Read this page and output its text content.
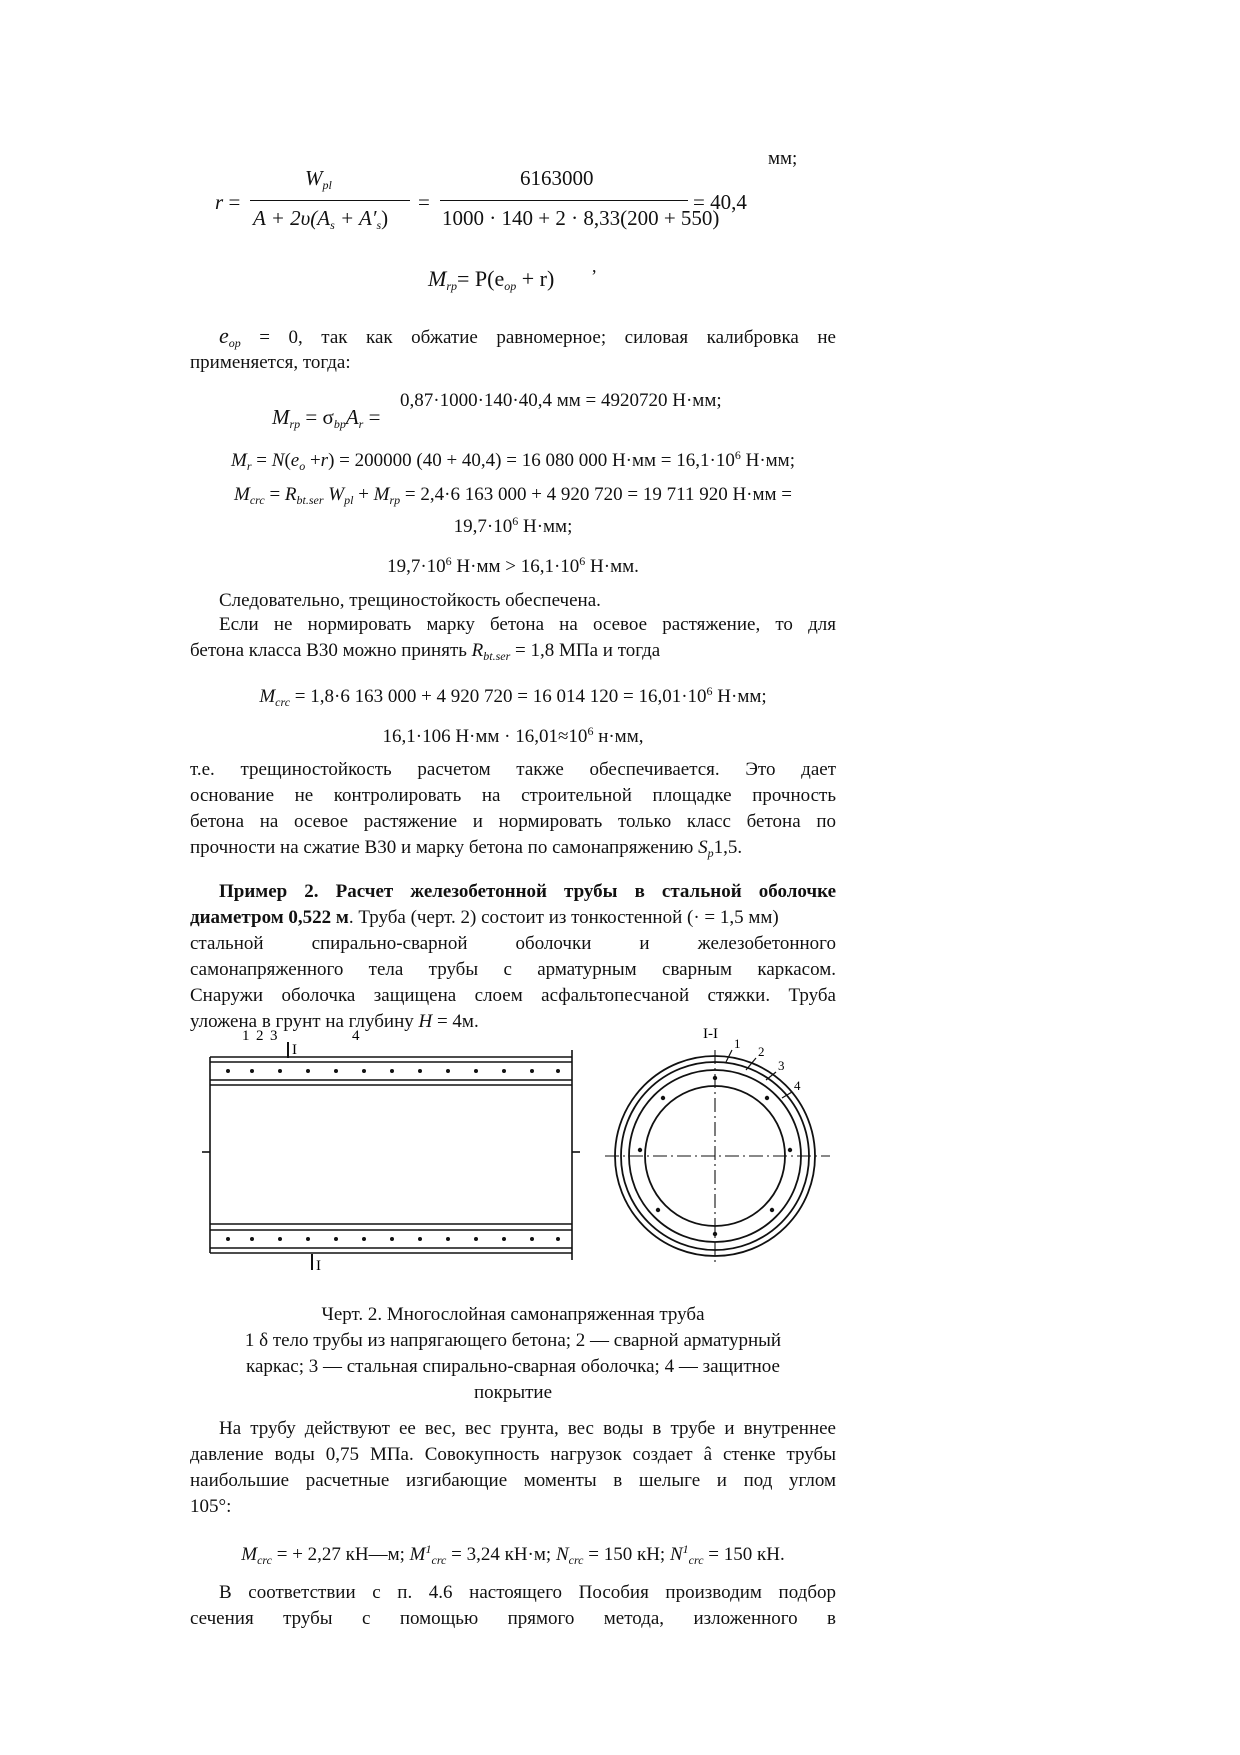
мм;
r =
$W_{pl}$
$A + 2\upsilon(A_s + A'_s)$
=
6163000
1000 · 140 + 2 · 8,33(200 + 550)
= 40,4
$M_{rp}= P(e_{op} + r)$ ,
$e_{op} = 0$, так как обжатие равномерное; силовая калибровка не
применяется, тогда:
0,87·1000·140·40,4 мм = 4920720 Н·мм;
$M_{rp} = \sigma_{bp}A_r$ =
$M_r = N(e_o +r) = 200000$ (40 + 40,4) = 16 080 000 $Н\cdot мм = 16,1\cdot 10^6$ Н·мм;
$M_{crc} = R_{bt.ser}$ $W_{pl} + M_{rp} = 2,4\cdot 6$ 163 000 + 4 920 720 = 19 711 920 Н·мм =
$19,7\cdot 10^6$ Н·мм;
$19,7\cdot 10^6$ $Н\cdot мм > 16,1\cdot 10^6$ Н·мм.
Следовательно, трещиностойкость обеспечена.
Если не нормировать марку бетона на осевое растяжение, то для
бетона класса В30 можно принять $R_{bt.ser} = 1,8$ МПа и тогда
$M_{crc} = 1,8\cdot 6$ 163 000 + 4 920 720 = 16 014 $120 = 16,01\cdot 10^6$ Н·мм;
16,1·106 $Н\cdot мм \cdot 16,01\approx 10^6$ н·мм,
т.е. трещиностойкость расчетом также обеспечивается. Это дает
основание не контролировать на строительной площадке прочность
бетона на осевое растяжение и нормировать только класс бетона по
прочности на сжатие В30 и марку бетона по самонапряжению $S_p1,5$.
Пример 2. Расчет железобетонной трубы в стальной оболочке
диаметром 0,522 м. Труба (черт. 2) состоит из тонкостенной (· = 1,5 мм)
стальной спирально-сварной оболочки и железобетонного
самонапряженного тела трубы с арматурным сварным каркасом.
Снаружи оболочка защищена слоем асфальтопесчаной стяжки. Труба
уложена в грунт на глубину H = 4м.
1 2 3	4
I
I
I-I
1
2
3
4
Черт. 2. Многослойная самонапряженная труба
1 δ тело трубы из напрягающего бетона; 2 — сварной арматурный
каркас; 3 — стальная спирально-сварная оболочка; 4 — защитное
покрытие
На трубу действуют ее вес, вес грунта, вес воды в трубе и внутреннее
давление воды 0,75 МПа. Совокупность нагрузок создает â стенке трубы
наибольшие расчетные изгибающие моменты в шелыге и под углом
105°:
$M_{crc}$ = + 2,27 кН—м; $M^1_{crc} = 3,24$ кН·м; $N_{crc} = 150$ кН; $N^1_{crc} = 150$ кН.
В соответствии с п. 4.6 настоящего Пособия производим подбор
сечения трубы с помощью прямого метода, изложенного в
